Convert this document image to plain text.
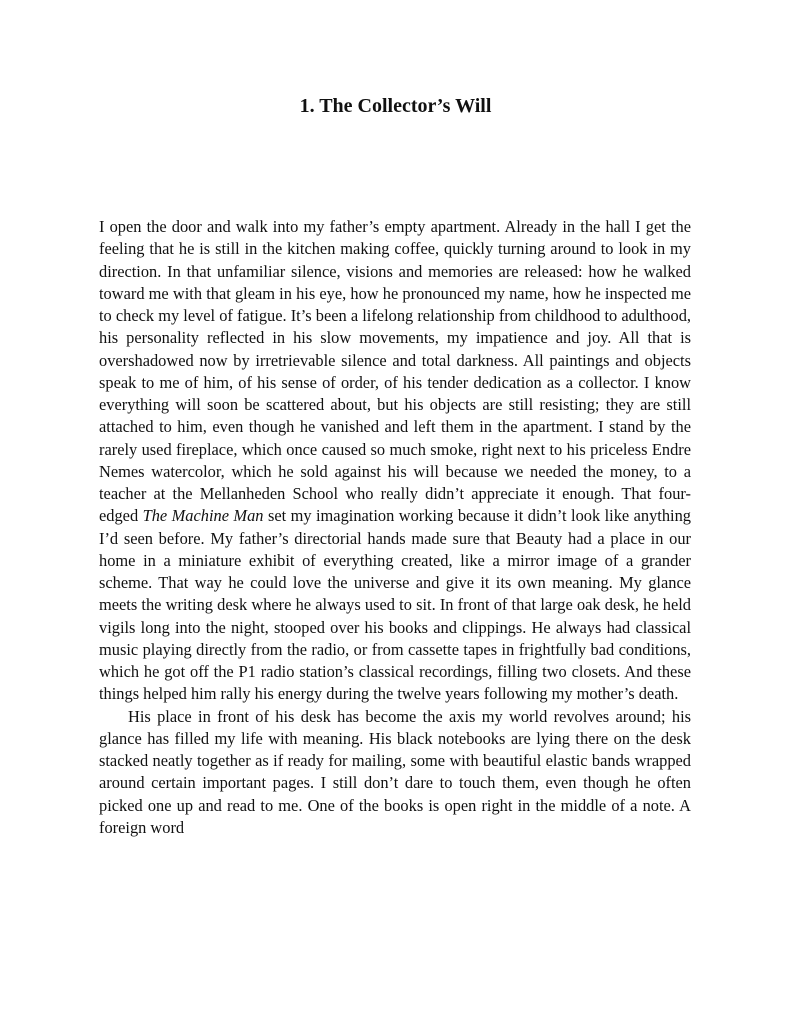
1. The Collector’s Will

I open the door and walk into my father’s empty apartment. Already in the hall I get the feeling that he is still in the kitchen making coffee, quickly turning around to look in my direction. In that unfamiliar silence, visions and memories are released: how he walked toward me with that gleam in his eye, how he pronounced my name, how he inspected me to check my level of fatigue. It’s been a lifelong relationship from childhood to adulthood, his personality reflected in his slow movements, my impatience and joy. All that is overshadowed now by irretrievable silence and total darkness. All paintings and objects speak to me of him, of his sense of order, of his tender dedication as a collector. I know everything will soon be scattered about, but his objects are still resisting; they are still attached to him, even though he vanished and left them in the apartment. I stand by the rarely used fireplace, which once caused so much smoke, right next to his priceless Endre Nemes watercolor, which he sold against his will because we needed the money, to a teacher at the Mellanheden School who really didn’t appreciate it enough. That four-edged The Machine Man set my imagination working because it didn’t look like anything I’d seen before. My father’s directorial hands made sure that Beauty had a place in our home in a miniature exhibit of everything created, like a mirror image of a grander scheme. That way he could love the universe and give it its own meaning. My glance meets the writing desk where he always used to sit. In front of that large oak desk, he held vigils long into the night, stooped over his books and clippings. He always had classical music playing directly from the radio, or from cassette tapes in frightfully bad conditions, which he got off the P1 radio station’s classical recordings, filling two closets. And these things helped him rally his energy during the twelve years following my mother’s death.

His place in front of his desk has become the axis my world revolves around; his glance has filled my life with meaning. His black notebooks are lying there on the desk stacked neatly together as if ready for mailing, some with beautiful elastic bands wrapped around certain important pages. I still don’t dare to touch them, even though he often picked one up and read to me. One of the books is open right in the middle of a note. A foreign word
